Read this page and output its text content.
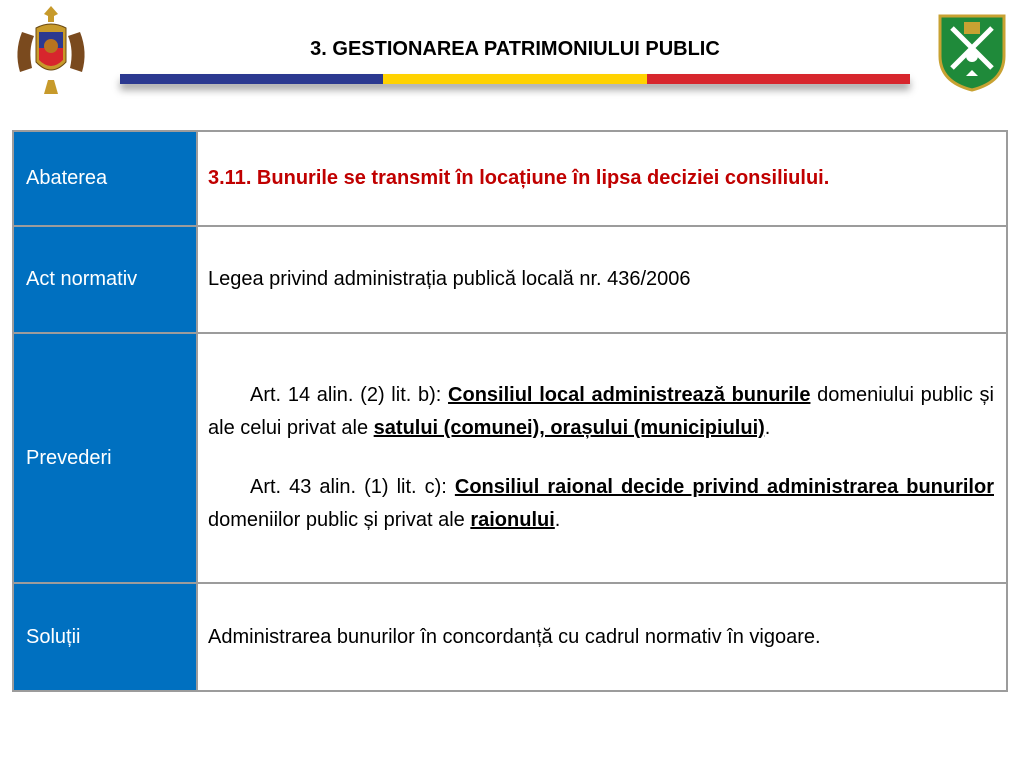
3. GESTIONAREA PATRIMONIULUI PUBLIC
Abaterea	3.11. Bunurile se transmit în locațiune în lipsa deciziei consiliului.
Act normativ	Legea privind administrația publică locală nr. 436/2006
Prevederi	Art. 14 alin. (2) lit. b): Consiliul local administrează bunurile domeniului public și ale celui privat ale satului (comunei), orașului (municipiului).

Art. 43 alin. (1) lit. c): Consiliul raional decide privind administrarea bunurilor domeniilor public și privat ale raionului.

Soluții	Administrarea bunurilor în concordanță cu cadrul normativ în vigoare.
